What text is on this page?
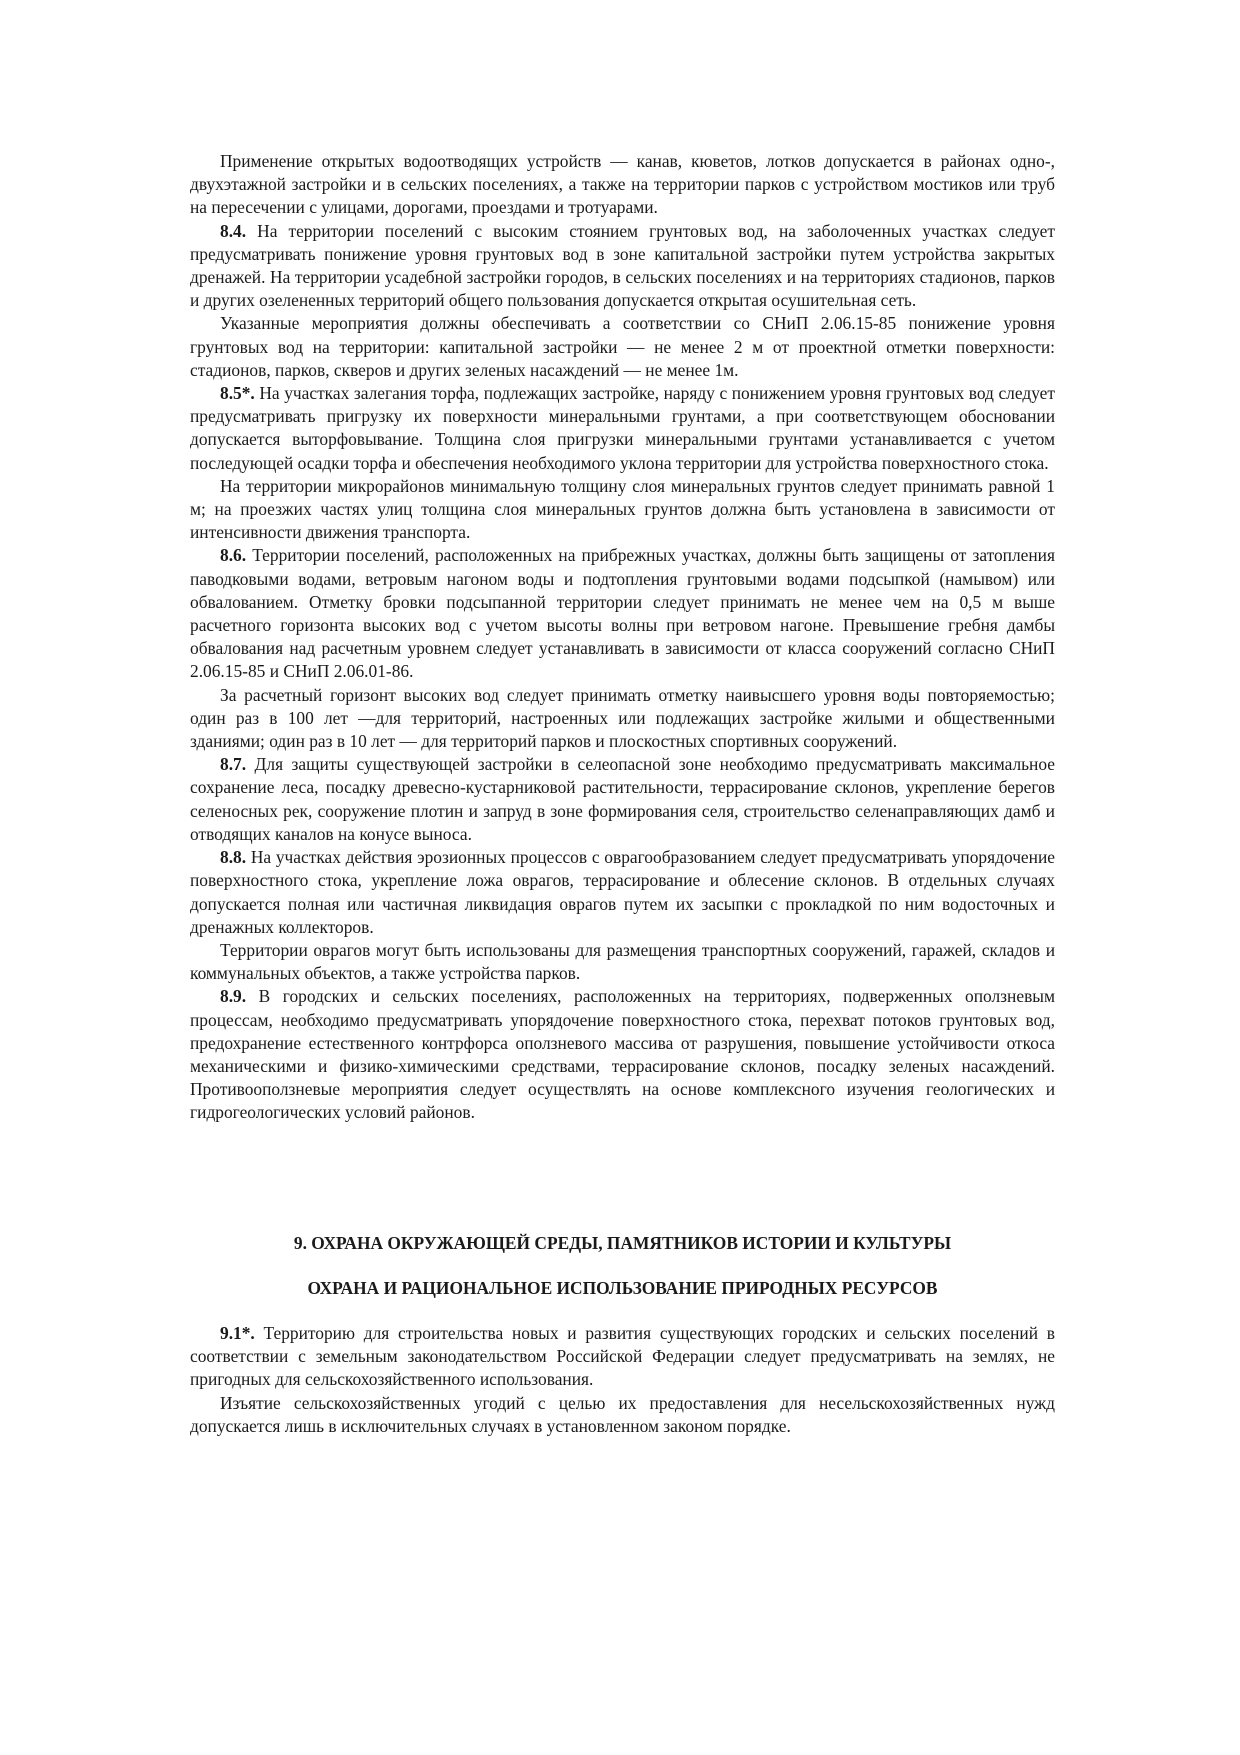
Применение открытых водоотводящих устройств — канав, кюветов, лотков допускается в районах одно-, двухэтажной застройки и в сельских поселениях, а также на территории парков с устройством мостиков или труб на пересечении с улицами, дорогами, проездами и тротуарами.

8.4. На территории поселений с высоким стоянием грунтовых вод, на заболоченных участках следует предусматривать понижение уровня грунтовых вод в зоне капитальной застройки путем устройства закрытых дренажей. На территории усадебной застройки городов, в сельских поселениях и на территориях стадионов, парков и других озелененных территорий общего пользования допускается открытая осушительная сеть.

Указанные мероприятия должны обеспечивать а соответствии со СНиП 2.06.15-85 понижение уровня грунтовых вод на территории: капитальной застройки — не менее 2 м от проектной отметки поверхности: стадионов, парков, скверов и других зеленых насаждений — не менее 1м.

8.5*. На участках залегания торфа, подлежащих застройке, наряду с понижением уровня грунтовых вод следует предусматривать пригрузку их поверхности минеральными грунтами, а при соответствующем обосновании допускается выторфовывание. Толщина слоя пригрузки минеральными грунтами устанавливается с учетом последующей осадки торфа и обеспечения необходимого уклона территории для устройства поверхностного стока.

На территории микрорайонов минимальную толщину слоя минеральных грунтов следует принимать равной 1 м; на проезжих частях улиц толщина слоя минеральных грунтов должна быть установлена в зависимости от интенсивности движения транспорта.

8.6. Территории поселений, расположенных на прибрежных участках, должны быть защищены от затопления паводковыми водами, ветровым нагоном воды и подтопления грунтовыми водами подсыпкой (намывом) или обвалованием. Отметку бровки подсыпанной территории следует принимать не менее чем на 0,5 м выше расчетного горизонта высоких вод с учетом высоты волны при ветровом нагоне. Превышение гребня дамбы обвалования над расчетным уровнем следует устанавливать в зависимости от класса сооружений согласно СНиП 2.06.15-85 и СНиП 2.06.01-86.

За расчетный горизонт высоких вод следует принимать отметку наивысшего уровня воды повторяемостью; один раз в 100 лет —для территорий, настроенных или подлежащих застройке жилыми и общественными зданиями; один раз в 10 лет — для территорий парков и плоскостных спортивных сооружений.

8.7. Для защиты существующей застройки в селеопасной зоне необходимо предусматривать максимальное сохранение леса, посадку древесно-кустарниковой растительности, террасирование склонов, укрепление берегов селеносных рек, сооружение плотин и запруд в зоне формирования селя, строительство селенаправляющих дамб и отводящих каналов на конусе выноса.

8.8. На участках действия эрозионных процессов с оврагообразованием следует предусматривать упорядочение поверхностного стока, укрепление ложа оврагов, террасирование и облесение склонов. В отдельных случаях допускается полная или частичная ликвидация оврагов путем их засыпки с прокладкой по ним водосточных и дренажных коллекторов.

Территории оврагов могут быть использованы для размещения транспортных сооружений, гаражей, складов и коммунальных объектов, а также устройства парков.

8.9. В городских и сельских поселениях, расположенных на территориях, подверженных оползневым процессам, необходимо предусматривать упорядочение поверхностного стока, перехват потоков грунтовых вод, предохранение естественного контрфорса оползневого массива от разрушения, повышение устойчивости откоса механическими и физико-химическими средствами, террасирование склонов, посадку зеленых насаждений. Противооползневые мероприятия следует осуществлять на основе комплексного изучения геологических и гидрогеологических условий районов.

9. ОХРАНА ОКРУЖАЮЩЕЙ СРЕДЫ, ПАМЯТНИКОВ ИСТОРИИ И КУЛЬТУРЫ
ОХРАНА И РАЦИОНАЛЬНОЕ ИСПОЛЬЗОВАНИЕ ПРИРОДНЫХ РЕСУРСОВ

9.1*. Территорию для строительства новых и развития существующих городских и сельских поселений в соответствии с земельным законодательством Российской Федерации следует предусматривать на землях, не пригодных для сельскохозяйственного использования.

Изъятие сельскохозяйственных угодий с целью их предоставления для несельскохозяйственных нужд допускается лишь в исключительных случаях в установленном законом порядке.
